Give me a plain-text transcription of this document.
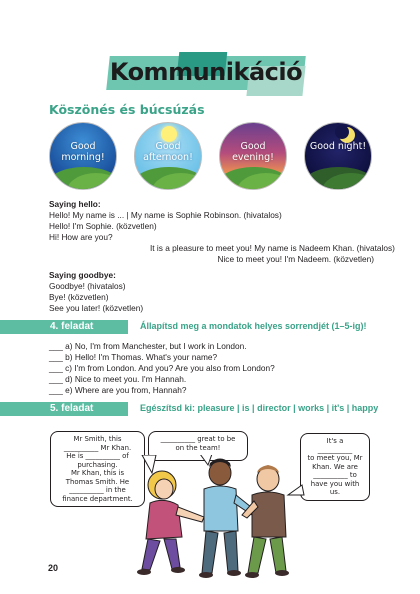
Kommunikáció
Köszönés és búcsúzás
Good morning!
Good afternoon!
Good evening!
Good night!
Saying hello:
Hello! My name is ... | My name is Sophie Robinson. (hivatalos)
Hello! I'm Sophie. (közvetlen)
Hi! How are you?
It is a pleasure to meet you! My name is Nadeem Khan. (hivatalos)
Nice to meet you! I'm Nadeem. (közvetlen)
Saying goodbye:
Goodbye! (hivatalos)
Bye! (közvetlen)
See you later! (közvetlen)
4. feladat	Állapítsd meg a mondatok helyes sorrendjét (1–5-ig)!
___ a) No, I'm from Manchester, but I work in London.
___ b) Hello! I'm Thomas. What's your name?
___ c) I'm from London. And you? Are you also from London?
___ d) Nice to meet you. I'm Hannah.
___ e) Where are you from, Hannah?
5. feladat	Egészítsd ki: pleasure | is | director | works | it's | happy
Mr Smith, this
__________ Mr Khan.
He is __________ of
purchasing.
Mr Khan, this is
Thomas Smith. He
__________ in the
finance department.
__________ great to be
on the team!
It's a
__________
to meet you, Mr
Khan. We are
__________ to
have you with us.
20
